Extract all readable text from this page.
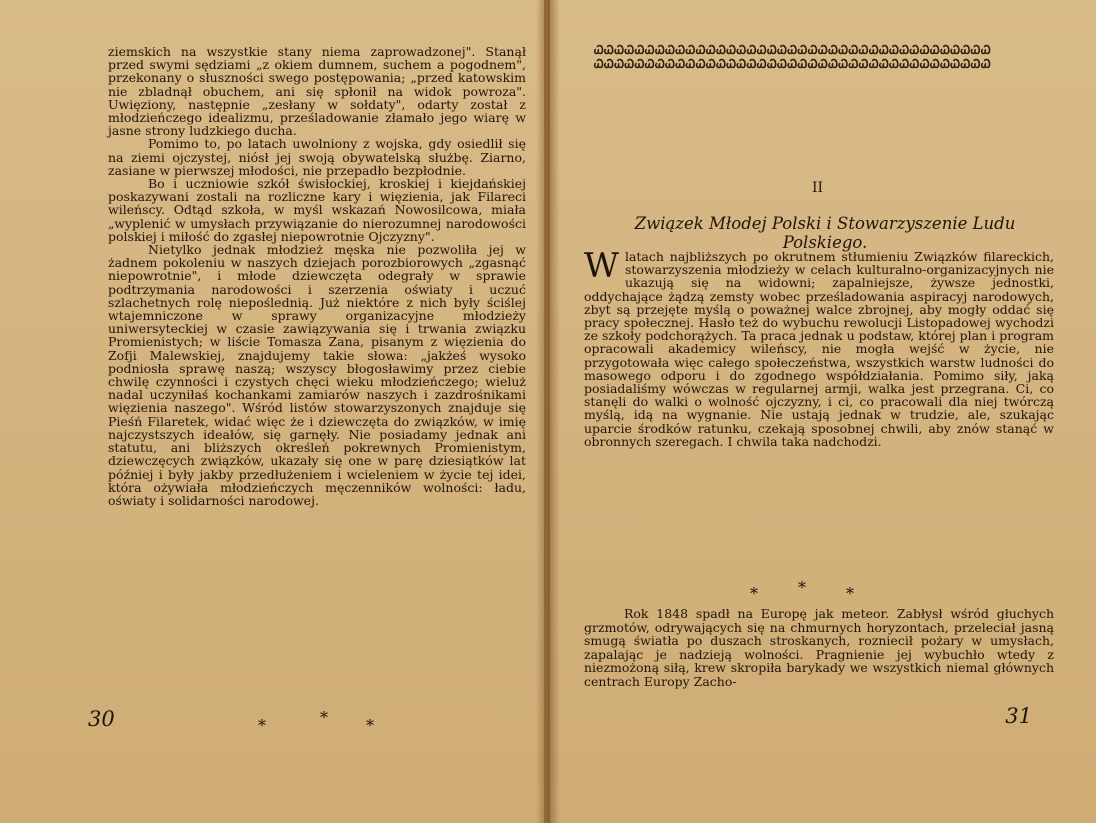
ziemskich na wszystkie stany niema zaprowadzonej". Stanął przed swymi sędziami „z okiem dumnem, suchem a pogodnem", przekonany o słuszności swego postępowania; „przed katowskim nie zbladnął obuchem, ani się spłonił na widok powroza". Uwięziony, następnie „zesłany w sołdaty", odarty został z młodzieńczego idealizmu, prześladowanie złamało jego wiarę w jasne strony ludzkiego ducha.

Pomimo to, po latach uwolniony z wojska, gdy osiedlił się na ziemi ojczystej, niósł jej swoją obywatelską służbę. Ziarno, zasiane w pierwszej młodości, nie przepadło bezpłodnie.

Bo i uczniowie szkół świsłockiej, kroskiej i kiejdańskiej poskazywani zostali na rozliczne kary i więzienia, jak Filareci wileńscy. Odtąd szkoła, w myśl wskazań Nowosilcowa, miała „wyplenić w umysłach przywiązanie do nierozumnej narodowości polskiej i miłość do zgasłej niepowrotnie Ojczyzny".

Nietylko jednak młodzież męska nie pozwoliła jej w żadnem pokoleniu w naszych dziejach porozbiorowych „zgasnąć niepowrotnie", i młode dziewczęta odegrały w sprawie podtrzymania narodowości i szerzenia oświaty i uczuć szlachetnych rolę niepoślednią. Już niektóre z nich były ściślej wtajemniczone w sprawy organizacyjne młodzieży uniwersyteckiej w czasie zawiązywania się i trwania związku Promienistych; w liście Tomasza Zana, pisanym z więzienia do Zofji Malewskiej, znajdujemy takie słowa: „jakżeś wysoko podniosła sprawę naszą; wszyscy błogosławimy przez ciebie chwilę czynności i czystych chęci wieku młodzieńczego; wieluż nadal uczyniłaś kochankami zamiarów naszych i zazdrośnikami więzienia naszego". Wśród listów stowarzyszonych znajduje się Pieśń Filaretek, widać więc że i dziewczęta do związków, w imię najczystszych ideałów, się garnęły. Nie posiadamy jednak ani statutu, ani bliższych określeń pokrewnych Promienistym, dziewczęcych związków, ukazały się one w parę dziesiątków lat później i były jakby przedłużeniem i wcieleniem w życie tej idei, która ożywiała młodzieńczych męczenników wolności: ładu, oświaty i solidarności narodowej.

30	*	* *
ᏇᏇᏇᏇᏇᏇᏇᏇᏇᏇᏇᏇᏇᏇᏇᏇᏇᏇᏇᏇᏇᏇᏇᏇᏇᏇᏇᏇᏇᏇᏇᏇᏇᏇᏇᏇᏇᏇᏇ
ᏇᏇᏇᏇᏇᏇᏇᏇᏇᏇᏇᏇᏇᏇᏇᏇᏇᏇᏇᏇᏇᏇᏇᏇᏇᏇᏇᏇᏇᏇᏇᏇᏇᏇᏇᏇᏇᏇᏇ
II
Związek Młodej Polski i Stowarzyszenie Ludu Polskiego.

Wlatach najbliższych po okrutnem stłumieniu Związków filareckich, stowarzyszenia młodzieży w celach kulturalno-organizacyjnych nie ukazują się na widowni; zapalniejsze, żywsze jednostki, oddychające żądzą zemsty wobec prześladowania aspiracyj narodowych, zbyt są przejęte myślą o poważnej walce zbrojnej, aby mogły oddać się pracy społecznej. Hasło też do wybuchu rewolucji Listopadowej wychodzi ze szkoły podchorążych. Ta praca jednak u podstaw, której plan i program opracowali akademicy wileńscy, nie mogła wejść w życie, nie przygotowała więc całego społeczeństwa, wszystkich warstw ludności do masowego odporu i do zgodnego współdziałania. Pomimo siły, jaką posiadaliśmy wówczas w regularnej armji, walka jest przegrana. Ci, co stanęli do walki o wolność ojczyzny, i ci, co pracowali dla niej twórczą myślą, idą na wygnanie. Nie ustają jednak w trudzie, ale, szukając uparcie środków ratunku, czekają sposobnej chwili, aby znów stanąć w obronnych szeregach. I chwila taka nadchodzi.

*	*	*

Rok 1848 spadł na Europę jak meteor. Zabłysł wśród głuchych grzmotów, odrywających się na chmurnych horyzontach, przeleciał jasną smugą światła po duszach stroskanych, rozniecił pożary w umysłach, zapalając je nadzieją wolności. Pragnienie jej wybuchło wtedy z niezmożoną siłą, krew skropiła barykady we wszystkich niemal głównych centrach Europy Zacho-

31
